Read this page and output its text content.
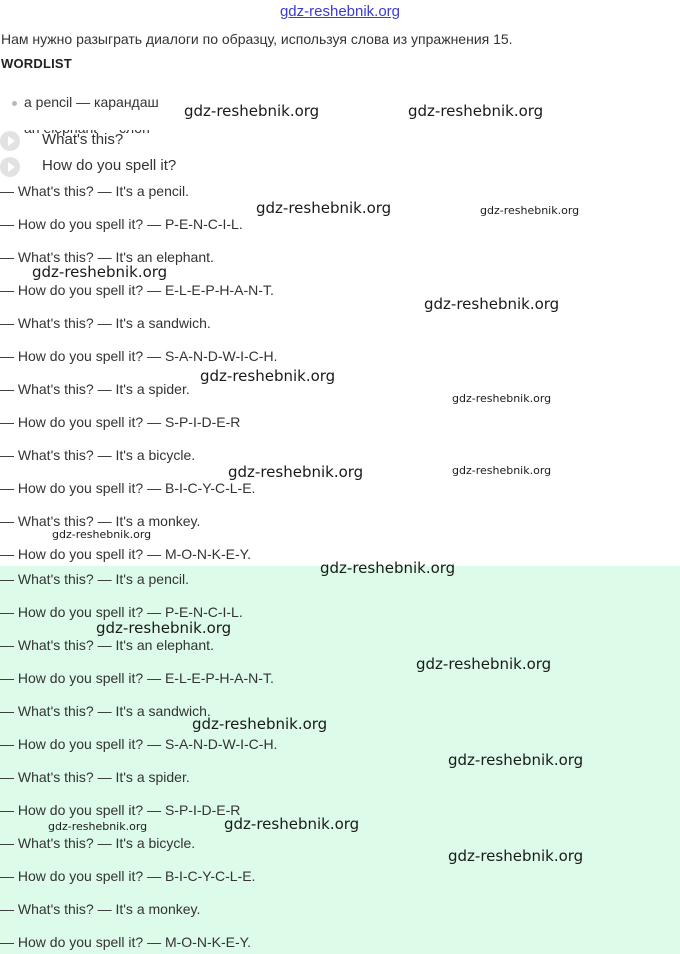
gdz-reshebnik.org
Нам нужно разыграть диалоги по образцу, используя слова из упражнения 15.
WORDLIST
a pencil — карандаш
What's this?
How do you spell it?
— What's this? — It's a pencil.
— How do you spell it? — P-E-N-C-I-L.
— What's this? — It's an elephant.
— How do you spell it? — E-L-E-P-H-A-N-T.
— What's this? — It's a sandwich.
— How do you spell it? — S-A-N-D-W-I-C-H.
— What's this? — It's a spider.
— How do you spell it? — S-P-I-D-E-R
— What's this? — It's a bicycle.
— How do you spell it? — B-I-C-Y-C-L-E.
— What's this? — It's a monkey.
— How do you spell it? — M-O-N-K-E-Y.
— What's this? — It's a pencil.
— How do you spell it? — P-E-N-C-I-L.
— What's this? — It's an elephant.
— How do you spell it? — E-L-E-P-H-A-N-T.
— What's this? — It's a sandwich.
— How do you spell it? — S-A-N-D-W-I-C-H.
— What's this? — It's a spider.
— How do you spell it? — S-P-I-D-E-R
— What's this? — It's a bicycle.
— How do you spell it? — B-I-C-Y-C-L-E.
— What's this? — It's a monkey.
— How do you spell it? — M-O-N-K-E-Y.
gdz-reshebnik.org	gdz-reshebnik.org
gdz-reshebnik.org	gdz-reshebnik.org
gdz-reshebnik.org
gdz-reshebnik.org
gdz-reshebnik.org
gdz-reshebnik.org
gdz-reshebnik.org	gdz-reshebnik.org
gdz-reshebnik.org
gdz-reshebnik.org
gdz-reshebnik.org
gdz-reshebnik.org
gdz-reshebnik.org
gdz-reshebnik.org
gdz-reshebnik.org	gdz-reshebnik.org
gdz-reshebnik.org
